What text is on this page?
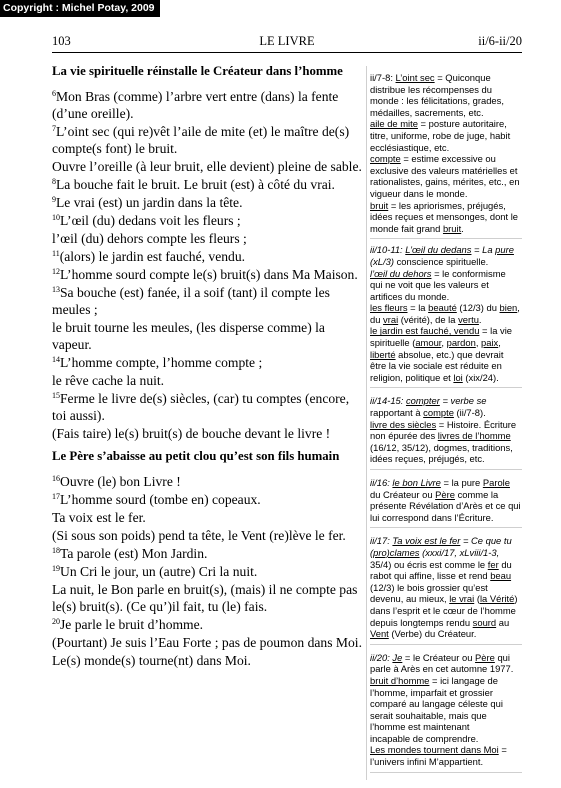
Copyright : Michel Potay, 2009
103	LE LIVRE	ii/6-ii/20
La vie spirituelle réinstalle le Créateur dans l’homme
$^6$Mon Bras (comme) l’arbre vert entre (dans) la fente (d’une oreille).
$^7$L’oint sec (qui re)vêt l’aile de mite (et) le maître de(s) compte(s font) le bruit.
Ouvre l’oreille (à leur bruit, elle devient) pleine de sable.
$^8$La bouche fait le bruit. Le bruit (est) à côté du vrai.
$^9$Le vrai (est) un jardin dans la tête.
$^{10}$L’œil (du) dedans voit les fleurs ;
l’œil (du) dehors compte les fleurs ;
$^{11}$(alors) le jardin est fauché, vendu.
$^{12}$L’homme sourd compte le(s) bruit(s) dans Ma Maison.
$^{13}$Sa bouche (est) fanée, il a soif (tant) il compte les meules ;
le bruit tourne les meules, (les disperse comme) la vapeur.
$^{14}$L’homme compte, l’homme compte ;
le rêve cache la nuit.
$^{15}$Ferme le livre de(s) siècles, (car) tu comptes (encore, toi aussi).
(Fais taire) le(s) bruit(s) de bouche devant le livre !
Le Père s’abaisse au petit clou qu’est son fils humain
$^{16}$Ouvre (le) bon Livre !
$^{17}$L’homme sourd (tombe en) copeaux.
Ta voix est le fer.
(Si sous son poids) pend ta tête, le Vent (re)lève le fer.
$^{18}$Ta parole (est) Mon Jardin.
$^{19}$Un Cri le jour, un (autre) Cri la nuit.
La nuit, le Bon parle en bruit(s), (mais) il ne compte pas le(s) bruit(s). (Ce qu’)il fait, tu (le) fais.
$^{20}$Je parle le bruit d’homme.
(Pourtant) Je suis l’Eau Forte ; pas de poumon dans Moi.
Le(s) monde(s) tourne(nt) dans Moi.
ii/7-8: L’oint sec = Quiconque
distribue les récompenses du
monde : les félicitations, grades,
médailles, sacrements, etc.
aile de mite = posture autoritaire,
titre, uniforme, robe de juge, habit
ecclésiastique, etc.
compte = estime excessive ou
exclusive des valeurs matérielles et
rationalistes, gains, mérites, etc., en
vigueur dans le monde.
bruit = les apriorismes, préjugés,
idées reçues et mensonges, dont le
monde fait grand bruit.
ii/10-11: L’œil du dedans = La pure
(xL/3) conscience spirituelle.
l’œil du dehors = le conformisme
qui ne voit que les valeurs et
artifices du monde.
les fleurs = la beauté (12/3) du bien,
du vrai (vérité), de la vertu.
le jardin est fauché, vendu = la vie
spirituelle (amour, pardon, paix,
liberté absolue, etc.) que devrait
être la vie sociale est réduite en
religion, politique et loi (xix/24).
ii/14-15: compter = verbe se
rapportant à compte (ii/7-8).
livre des siècles = Histoire. Écriture
non épurée des livres de l’homme
(16/12, 35/12), dogmes, traditions,
idées reçues, préjugés, etc.
ii/16: le bon Livre = la pure Parole
du Créateur ou Père comme la
présente Révélation d’Arès et ce qui
lui correspond dans l’Écriture.
ii/17: Ta voix est le fer = Ce que tu
(pro)clames (xxxi/17, xLviii/1-3,
35/4) ou écris est comme le fer du
rabot qui affine, lisse et rend beau
(12/3) le bois grossier qu’est
devenu, au mieux, le vrai (la Vérité)
dans l’esprit et le cœur de l’homme
depuis longtemps rendu sourd au
Vent (Verbe) du Créateur.
ii/20: Je = le Créateur ou Père qui
parle à Arès en cet automne 1977.
bruit d’homme = ici langage de
l’homme, imparfait et grossier
comparé au langage céleste qui
serait souhaitable, mais que
l’homme est maintenant
incapable de comprendre.
Les mondes tournent dans Moi =
l’univers infini M’appartient.
